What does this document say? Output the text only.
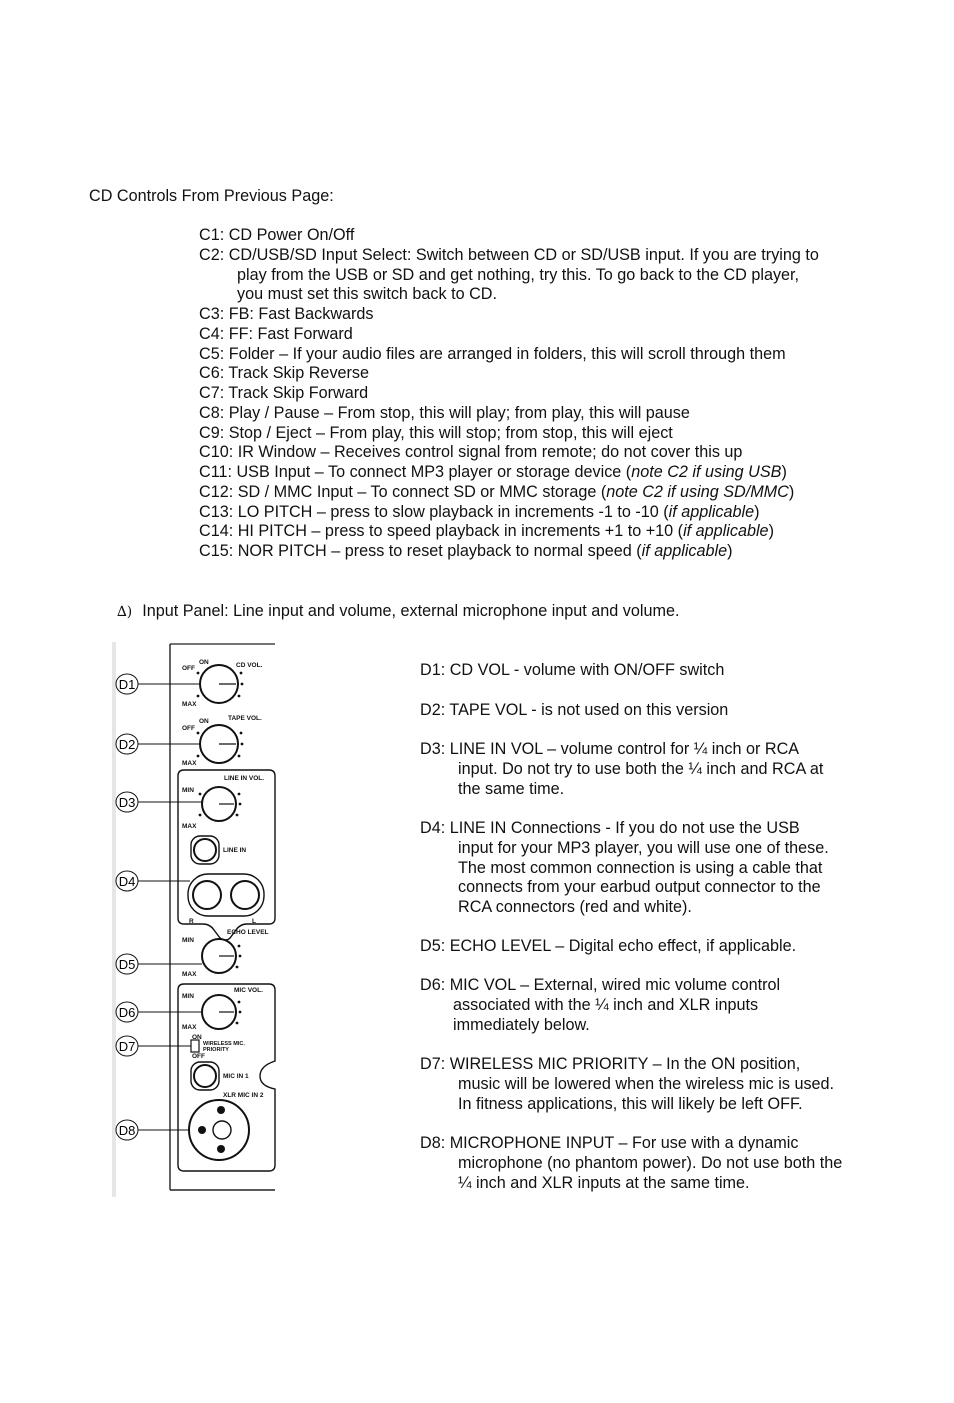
CD Controls From Previous Page:
C1: CD Power On/Off
C2: CD/USB/SD Input Select: Switch between CD or SD/USB input. If you are trying to
play from the USB or SD and get nothing, try this. To go back to the CD player,
you must set this switch back to CD.
C3: FB: Fast Backwards
C4: FF: Fast Forward
C5: Folder – If your audio files are arranged in folders, this will scroll through them
C6: Track Skip Reverse
C7: Track Skip Forward
C8: Play / Pause – From stop, this will play; from play, this will pause
C9: Stop / Eject – From play, this will stop; from stop, this will eject
C10: IR Window – Receives control signal from remote; do not cover this up
C11: USB Input – To connect MP3 player or storage device (note C2 if using USB)
C12: SD / MMC Input – To connect SD or MMC storage (note C2 if using SD/MMC)
C13: LO PITCH – press to slow playback in increments -1 to -10 (if applicable)
C14: HI PITCH – press to speed playback in increments +1 to +10 (if applicable)
C15: NOR PITCH – press to reset playback to normal speed (if applicable)
∆) Input Panel: Line input and volume, external microphone input and volume.
D1
D2
D3
D4
D5
D6
D7
D8
OFF
ON	CD VOL.
MAX
OFF
ON	TAPE VOL.
MAX
LINE IN VOL.
MIN
MAX
LINE IN
R	L
ECHO LEVEL
MIN
MAX
MIC VOL.
MIN
MAX
ON
OFF
WIRELESS MIC.
PRIORITY
MIC IN 1
XLR MIC IN 2
D1: CD VOL - volume with ON/OFF switch
D2: TAPE VOL - is not used on this version
D3: LINE IN VOL – volume control for ¼ inch or RCA
input. Do not try to use both the ¼ inch and RCA at
the same time.
D4: LINE IN Connections - If you do not use the USB
input for your MP3 player, you will use one of these.
The most common connection is using a cable that
connects from your earbud output connector to the
RCA connectors (red and white).
D5: ECHO LEVEL – Digital echo effect, if applicable.
D6: MIC VOL – External, wired mic volume control
associated with the ¼ inch and XLR inputs
immediately below.
D7: WIRELESS MIC PRIORITY – In the ON position,
music will be lowered when the wireless mic is used.
In fitness applications, this will likely be left OFF.
D8: MICROPHONE INPUT – For use with a dynamic
microphone (no phantom power). Do not use both the
¼ inch and XLR inputs at the same time.
